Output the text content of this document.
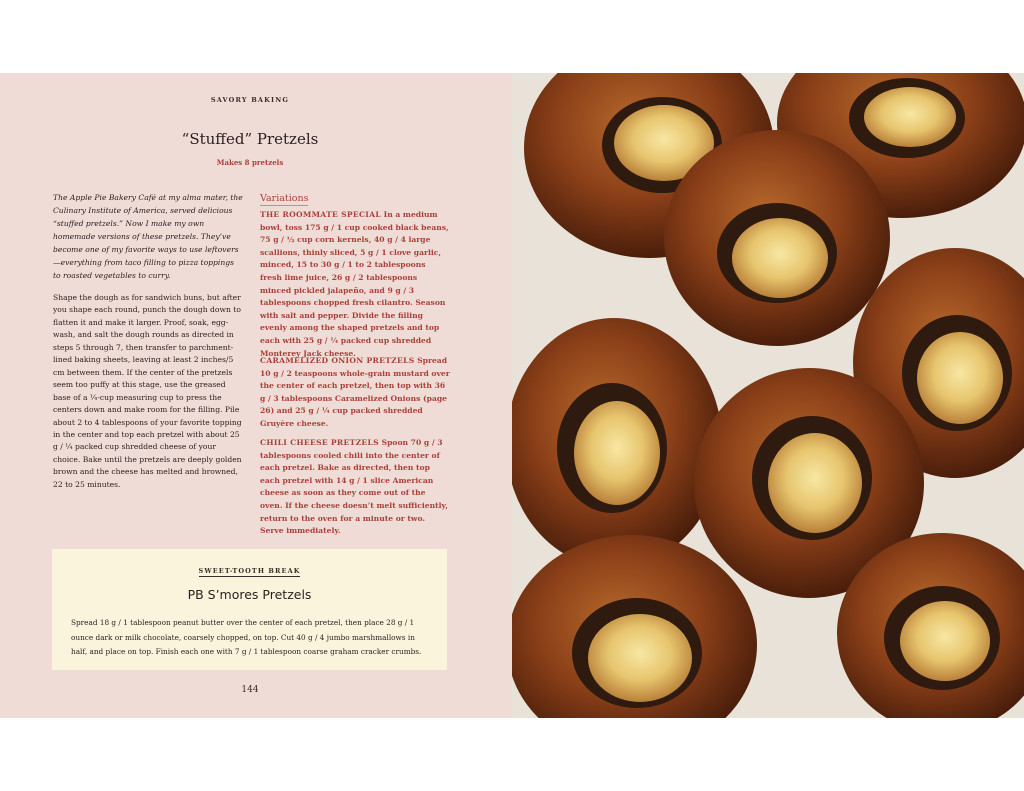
SAVORY BAKING
“Stuffed” Pretzels
Makes 8 pretzels

The Apple Pie Bakery Café at my alma mater, the Culinary Institute of America, served delicious “stuffed pretzels.” Now I make my own homemade versions of these pretzels. They’ve become one of my favorite ways to use leftovers—everything from taco filling to pizza toppings to roasted vegetables to curry.

Shape the dough as for sandwich buns, but after you shape each round, punch the dough down to flatten it and make it larger. Proof, soak, egg-wash, and salt the dough rounds as directed in steps 5 through 7, then transfer to parchment-lined baking sheets, leaving at least 2 inches/5 cm between them. If the center of the pretzels seem too puffy at this stage, use the greased base of a ¼-cup measuring cup to press the centers down and make room for the filling. Pile about 2 to 4 tablespoons of your favorite topping in the center and top each pretzel with about 25 g / ¼ packed cup shredded cheese of your choice. Bake until the pretzels are deeply golden brown and the cheese has melted and browned, 22 to 25 minutes.

Variations

THE ROOMMATE SPECIAL In a medium bowl, toss 175 g / 1 cup cooked black beans, 75 g / ½ cup corn kernels, 40 g / 4 large scallions, thinly sliced, 5 g / 1 clove garlic, minced, 15 to 30 g / 1 to 2 tablespoons fresh lime juice, 26 g / 2 tablespoons minced pickled jalapeño, and 9 g / 3 tablespoons chopped fresh cilantro. Season with salt and pepper. Divide the filling evenly among the shaped pretzels and top each with 25 g / ¼ packed cup shredded Monterey Jack cheese.

CARAMELIZED ONION PRETZELS Spread 10 g / 2 teaspoons whole-grain mustard over the center of each pretzel, then top with 36 g / 3 tablespoons Caramelized Onions (page 26) and 25 g / ¼ cup packed shredded Gruyère cheese.

CHILI CHEESE PRETZELS Spoon 70 g / 3 tablespoons cooled chili into the center of each pretzel. Bake as directed, then top each pretzel with 14 g / 1 slice American cheese as soon as they come out of the oven. If the cheese doesn’t melt sufficiently, return to the oven for a minute or two. Serve immediately.

SWEET-TOOTH BREAK
PB S’mores Pretzels

Spread 18 g / 1 tablespoon peanut butter over the center of each pretzel, then place 28 g / 1 ounce dark or milk chocolate, coarsely chopped, on top. Cut 40 g / 4 jumbo marshmallows in half, and place on top. Finish each one with 7 g / 1 tablespoon coarse graham cracker crumbs.

144
